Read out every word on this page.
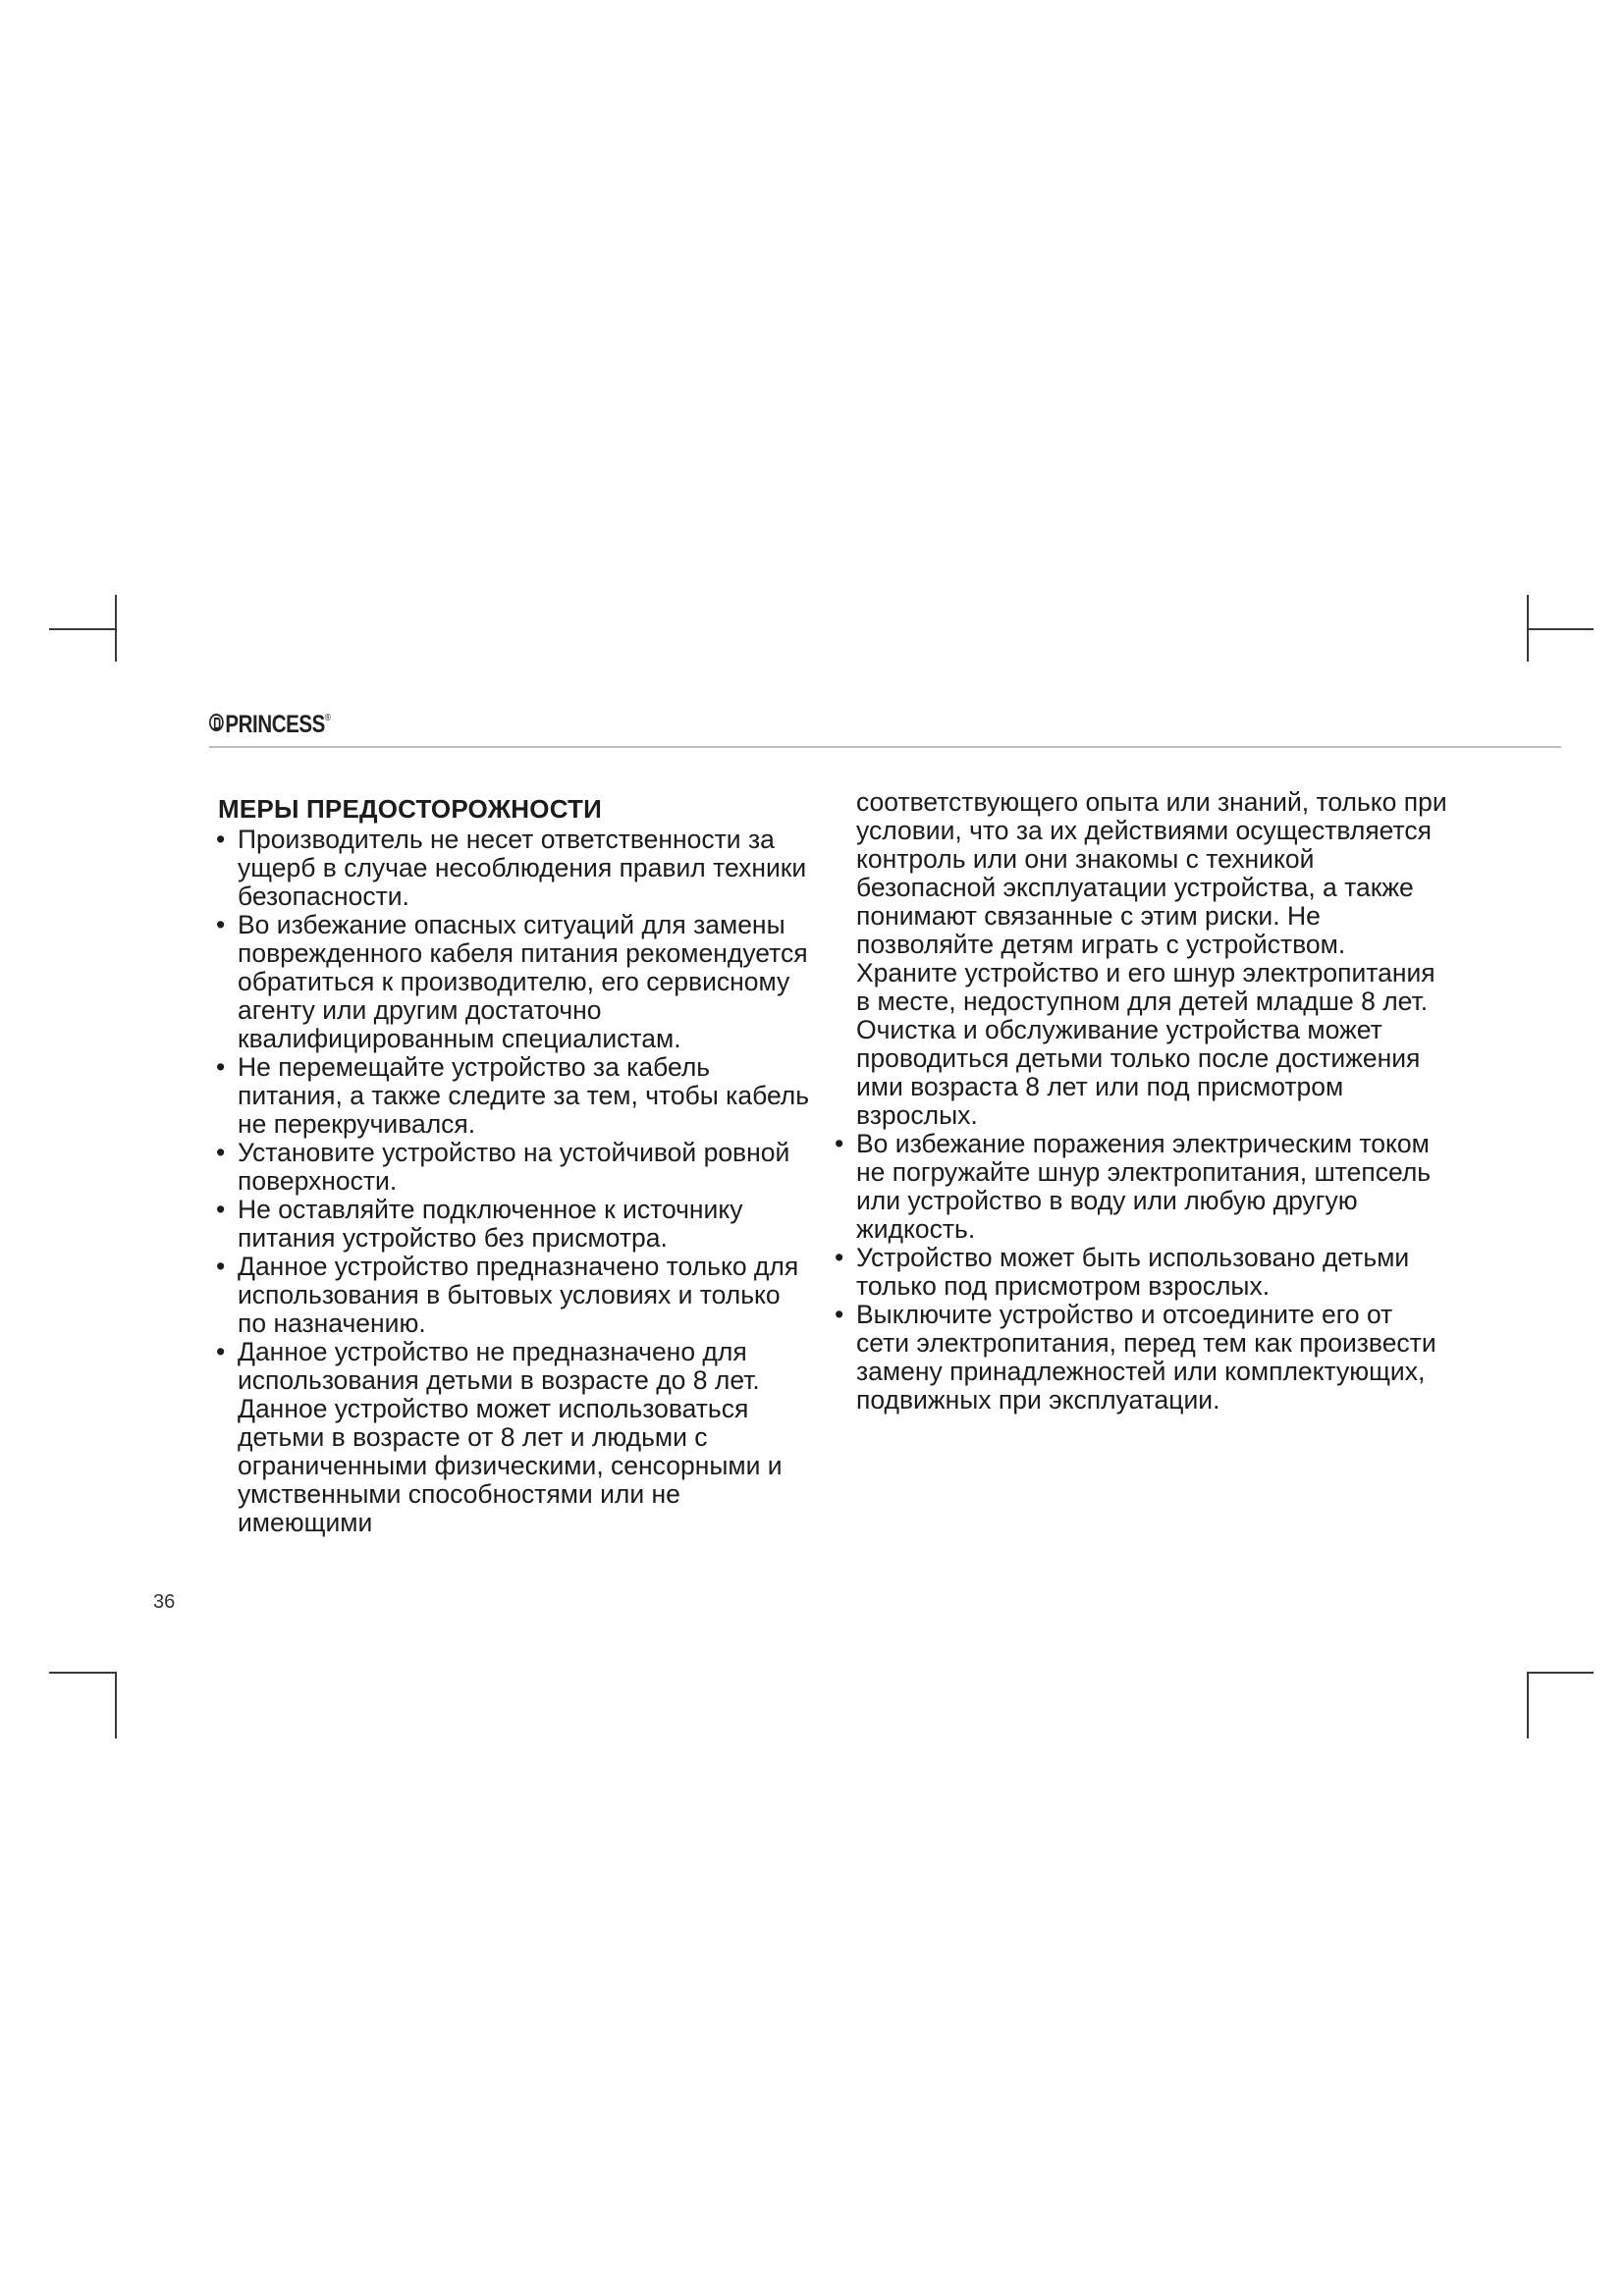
PRINCESS®
МЕРЫ ПРЕДОСТОРОЖНОСТИ
• Производитель не несет ответственности за ущерб в случае несоблюдения правил техники безопасности.
• Во избежание опасных ситуаций для замены поврежденного кабеля питания рекомендуется обратиться к производителю, его сервисному агенту или другим достаточно квалифицированным специалистам.
• Не перемещайте устройство за кабель питания, а также следите за тем, чтобы кабель не перекручивался.
• Установите устройство на устойчивой ровной поверхности.
• Не оставляйте подключенное к источнику питания устройство без присмотра.
• Данное устройство предназначено только для использования в бытовых условиях и только по назначению.
• Данное устройство не предназначено для использования детьми в возрасте до 8 лет. Данное устройство может использоваться детьми в возрасте от 8 лет и людьми с ограниченными физическими, сенсорными и умственными способностями или не имеющими

соответствующего опыта или знаний, только при условии, что за их действиями осуществляется контроль или они знакомы с техникой безопасной эксплуатации устройства, а также понимают связанные с этим риски. Не позволяйте детям играть с устройством. Храните устройство и его шнур электропитания в месте, недоступном для детей младше 8 лет. Очистка и обслуживание устройства может проводиться детьми только после достижения ими возраста 8 лет или под присмотром взрослых.

• Во избежание поражения электрическим током не погружайте шнур электропитания, штепсель или устройство в воду или любую другую жидкость.
• Устройство может быть использовано детьми только под присмотром взрослых.
• Выключите устройство и отсоедините его от сети электропитания, перед тем как произвести замену принадлежностей или комплектующих, подвижных при эксплуатации.
36
